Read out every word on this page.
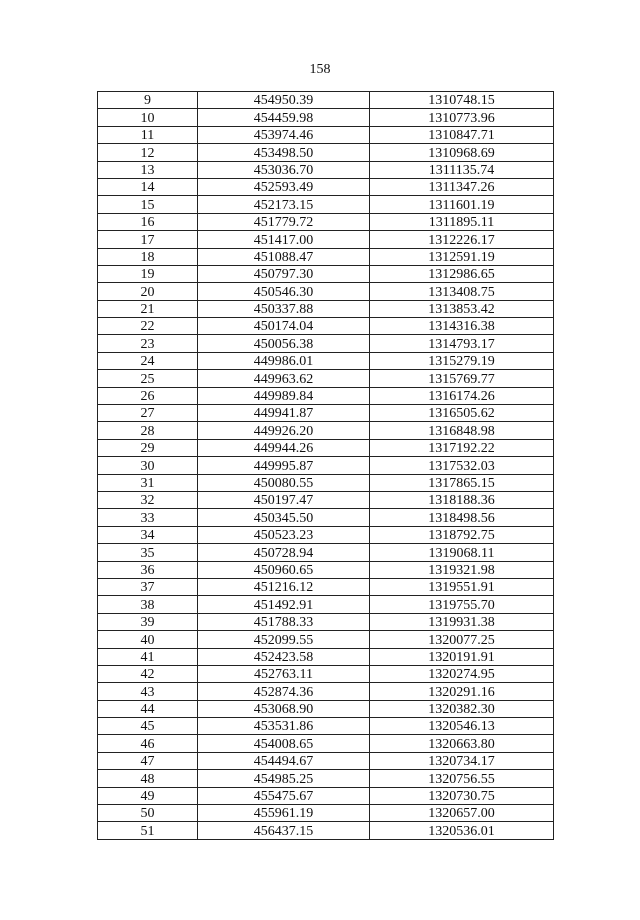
158
9	454950.39	1310748.15
10	454459.98	1310773.96
11	453974.46	1310847.71
12	453498.50	1310968.69
13	453036.70	1311135.74
14	452593.49	1311347.26
15	452173.15	1311601.19
16	451779.72	1311895.11
17	451417.00	1312226.17
18	451088.47	1312591.19
19	450797.30	1312986.65
20	450546.30	1313408.75
21	450337.88	1313853.42
22	450174.04	1314316.38
23	450056.38	1314793.17
24	449986.01	1315279.19
25	449963.62	1315769.77
26	449989.84	1316174.26
27	449941.87	1316505.62
28	449926.20	1316848.98
29	449944.26	1317192.22
30	449995.87	1317532.03
31	450080.55	1317865.15
32	450197.47	1318188.36
33	450345.50	1318498.56
34	450523.23	1318792.75
35	450728.94	1319068.11
36	450960.65	1319321.98
37	451216.12	1319551.91
38	451492.91	1319755.70
39	451788.33	1319931.38
40	452099.55	1320077.25
41	452423.58	1320191.91
42	452763.11	1320274.95
43	452874.36	1320291.16
44	453068.90	1320382.30
45	453531.86	1320546.13
46	454008.65	1320663.80
47	454494.67	1320734.17
48	454985.25	1320756.55
49	455475.67	1320730.75
50	455961.19	1320657.00
51	456437.15	1320536.01
